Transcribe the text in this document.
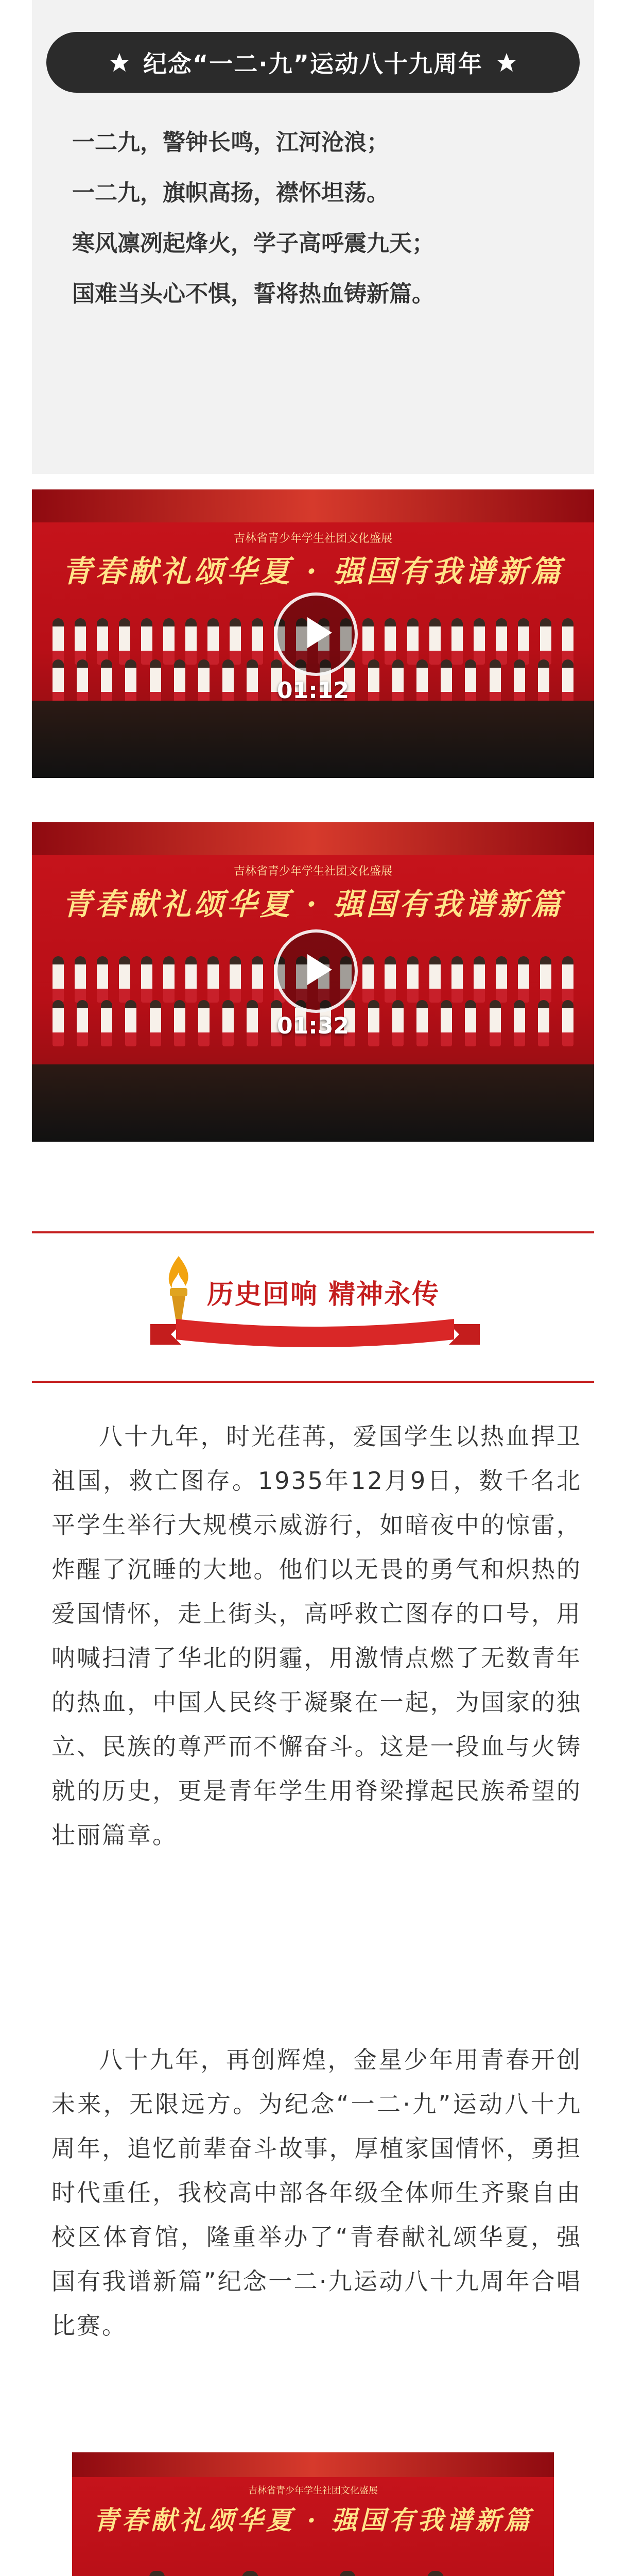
纪念“一二·九”运动八十九周年
一二九，警钟长鸣，江河沧浪；
一二九，旗帜高扬，襟怀坦荡。
寒风凛冽起烽火，学子高呼震九天；
国难当头心不惧，誓将热血铸新篇。
吉林省青少年学生社团文化盛展
青春献礼颂华夏 · 强国有我谱新篇
01:12
吉林省青少年学生社团文化盛展
青春献礼颂华夏 · 强国有我谱新篇
01:32
历史回响 精神永传

八十九年，时光荏苒，爱国学生以热血捍卫祖国，救亡图存。1935年12月9日，数千名北平学生举行大规模示威游行，如暗夜中的惊雷，炸醒了沉睡的大地。他们以无畏的勇气和炽热的爱国情怀，走上街头，高呼救亡图存的口号，用呐喊扫清了华北的阴霾，用激情点燃了无数青年的热血，中国人民终于凝聚在一起，为国家的独立、民族的尊严而不懈奋斗。这是一段血与火铸就的历史，更是青年学生用脊梁撑起民族希望的壮丽篇章。

八十九年，再创辉煌，金星少年用青春开创未来，无限远方。为纪念“一二·九”运动八十九周年，追忆前辈奋斗故事，厚植家国情怀，勇担时代重任，我校高中部各年级全体师生齐聚自由校区体育馆，隆重举办了“青春献礼颂华夏，强国有我谱新篇”纪念一二·九运动八十九周年合唱比赛。

吉林省青少年学生社团文化盛展
青春献礼颂华夏 · 强国有我谱新篇
